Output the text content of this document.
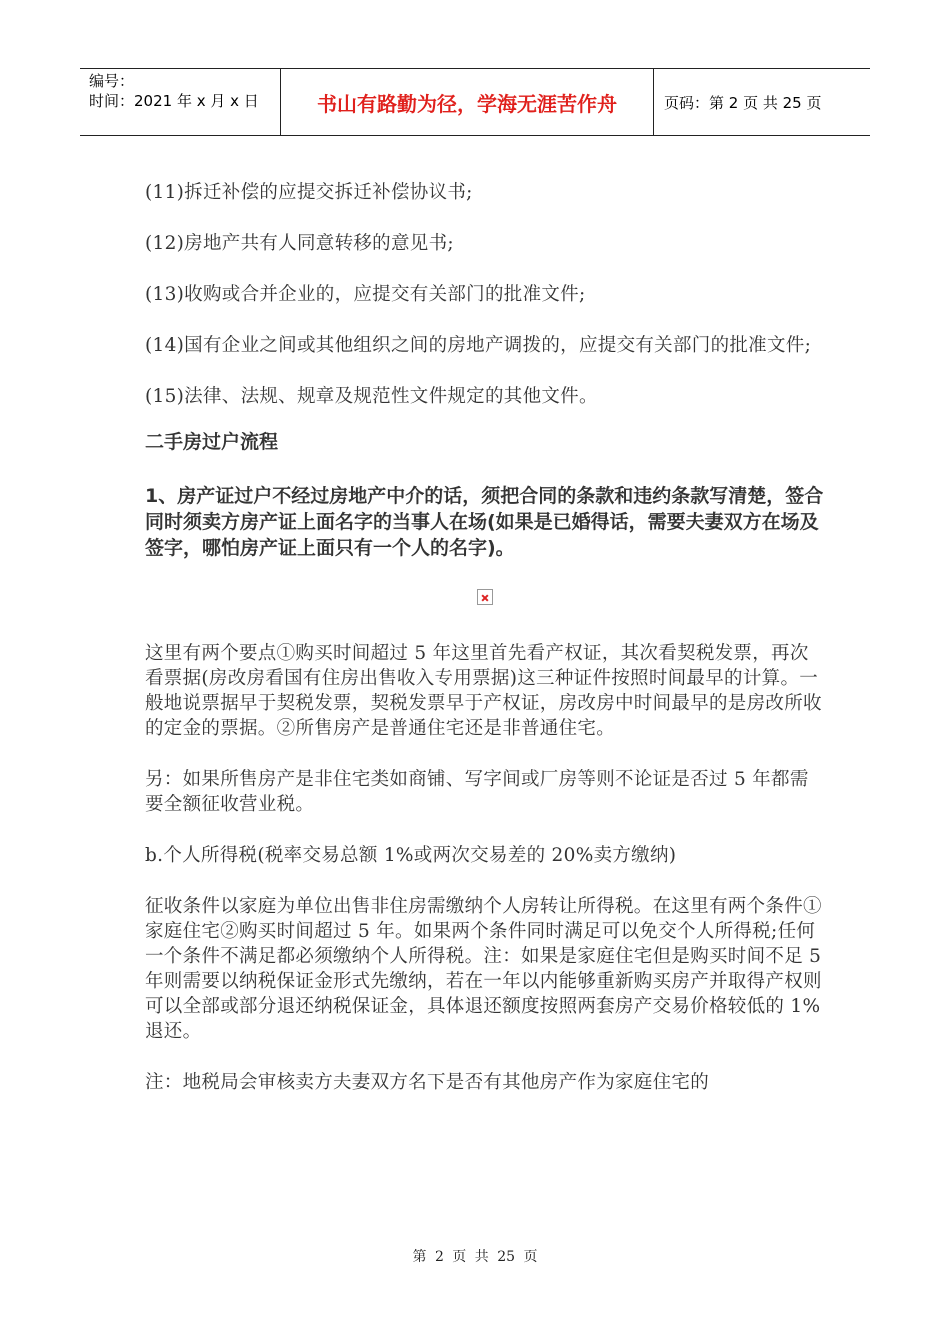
编号：
时间：2021 年 x 月 x 日	书山有路勤为径，学海无涯苦作舟	页码：第 2 页 共 25 页

(11)拆迁补偿的应提交拆迁补偿协议书;

(12)房地产共有人同意转移的意见书;

(13)收购或合并企业的，应提交有关部门的批准文件;

(14)国有企业之间或其他组织之间的房地产调拨的，应提交有关部门的批准文件;

(15)法律、法规、规章及规范性文件规定的其他文件。

二手房过户流程

1、房产证过户不经过房地产中介的话，须把合同的条款和违约条款写清楚，签合同时须卖方房产证上面名字的当事人在场(如果是已婚得话，需要夫妻双方在场及签字，哪怕房产证上面只有一个人的名字)。

这里有两个要点①购买时间超过 5 年这里首先看产权证，其次看契税发票，再次看票据(房改房看国有住房出售收入专用票据)这三种证件按照时间最早的计算。一般地说票据早于契税发票，契税发票早于产权证，房改房中时间最早的是房改所收的定金的票据。②所售房产是普通住宅还是非普通住宅。

另：如果所售房产是非住宅类如商铺、写字间或厂房等则不论证是否过 5 年都需要全额征收营业税。

b.个人所得税(税率交易总额 1%或两次交易差的 20%卖方缴纳)

征收条件以家庭为单位出售非住房需缴纳个人房转让所得税。在这里有两个条件①家庭住宅②购买时间超过 5 年。如果两个条件同时满足可以免交个人所得税;任何一个条件不满足都必须缴纳个人所得税。注：如果是家庭住宅但是购买时间不足 5 年则需要以纳税保证金形式先缴纳，若在一年以内能够重新购买房产并取得产权则可以全部或部分退还纳税保证金，具体退还额度按照两套房产交易价格较低的 1%退还。

注：地税局会审核卖方夫妻双方名下是否有其他房产作为家庭住宅的

第 2 页 共 25 页
